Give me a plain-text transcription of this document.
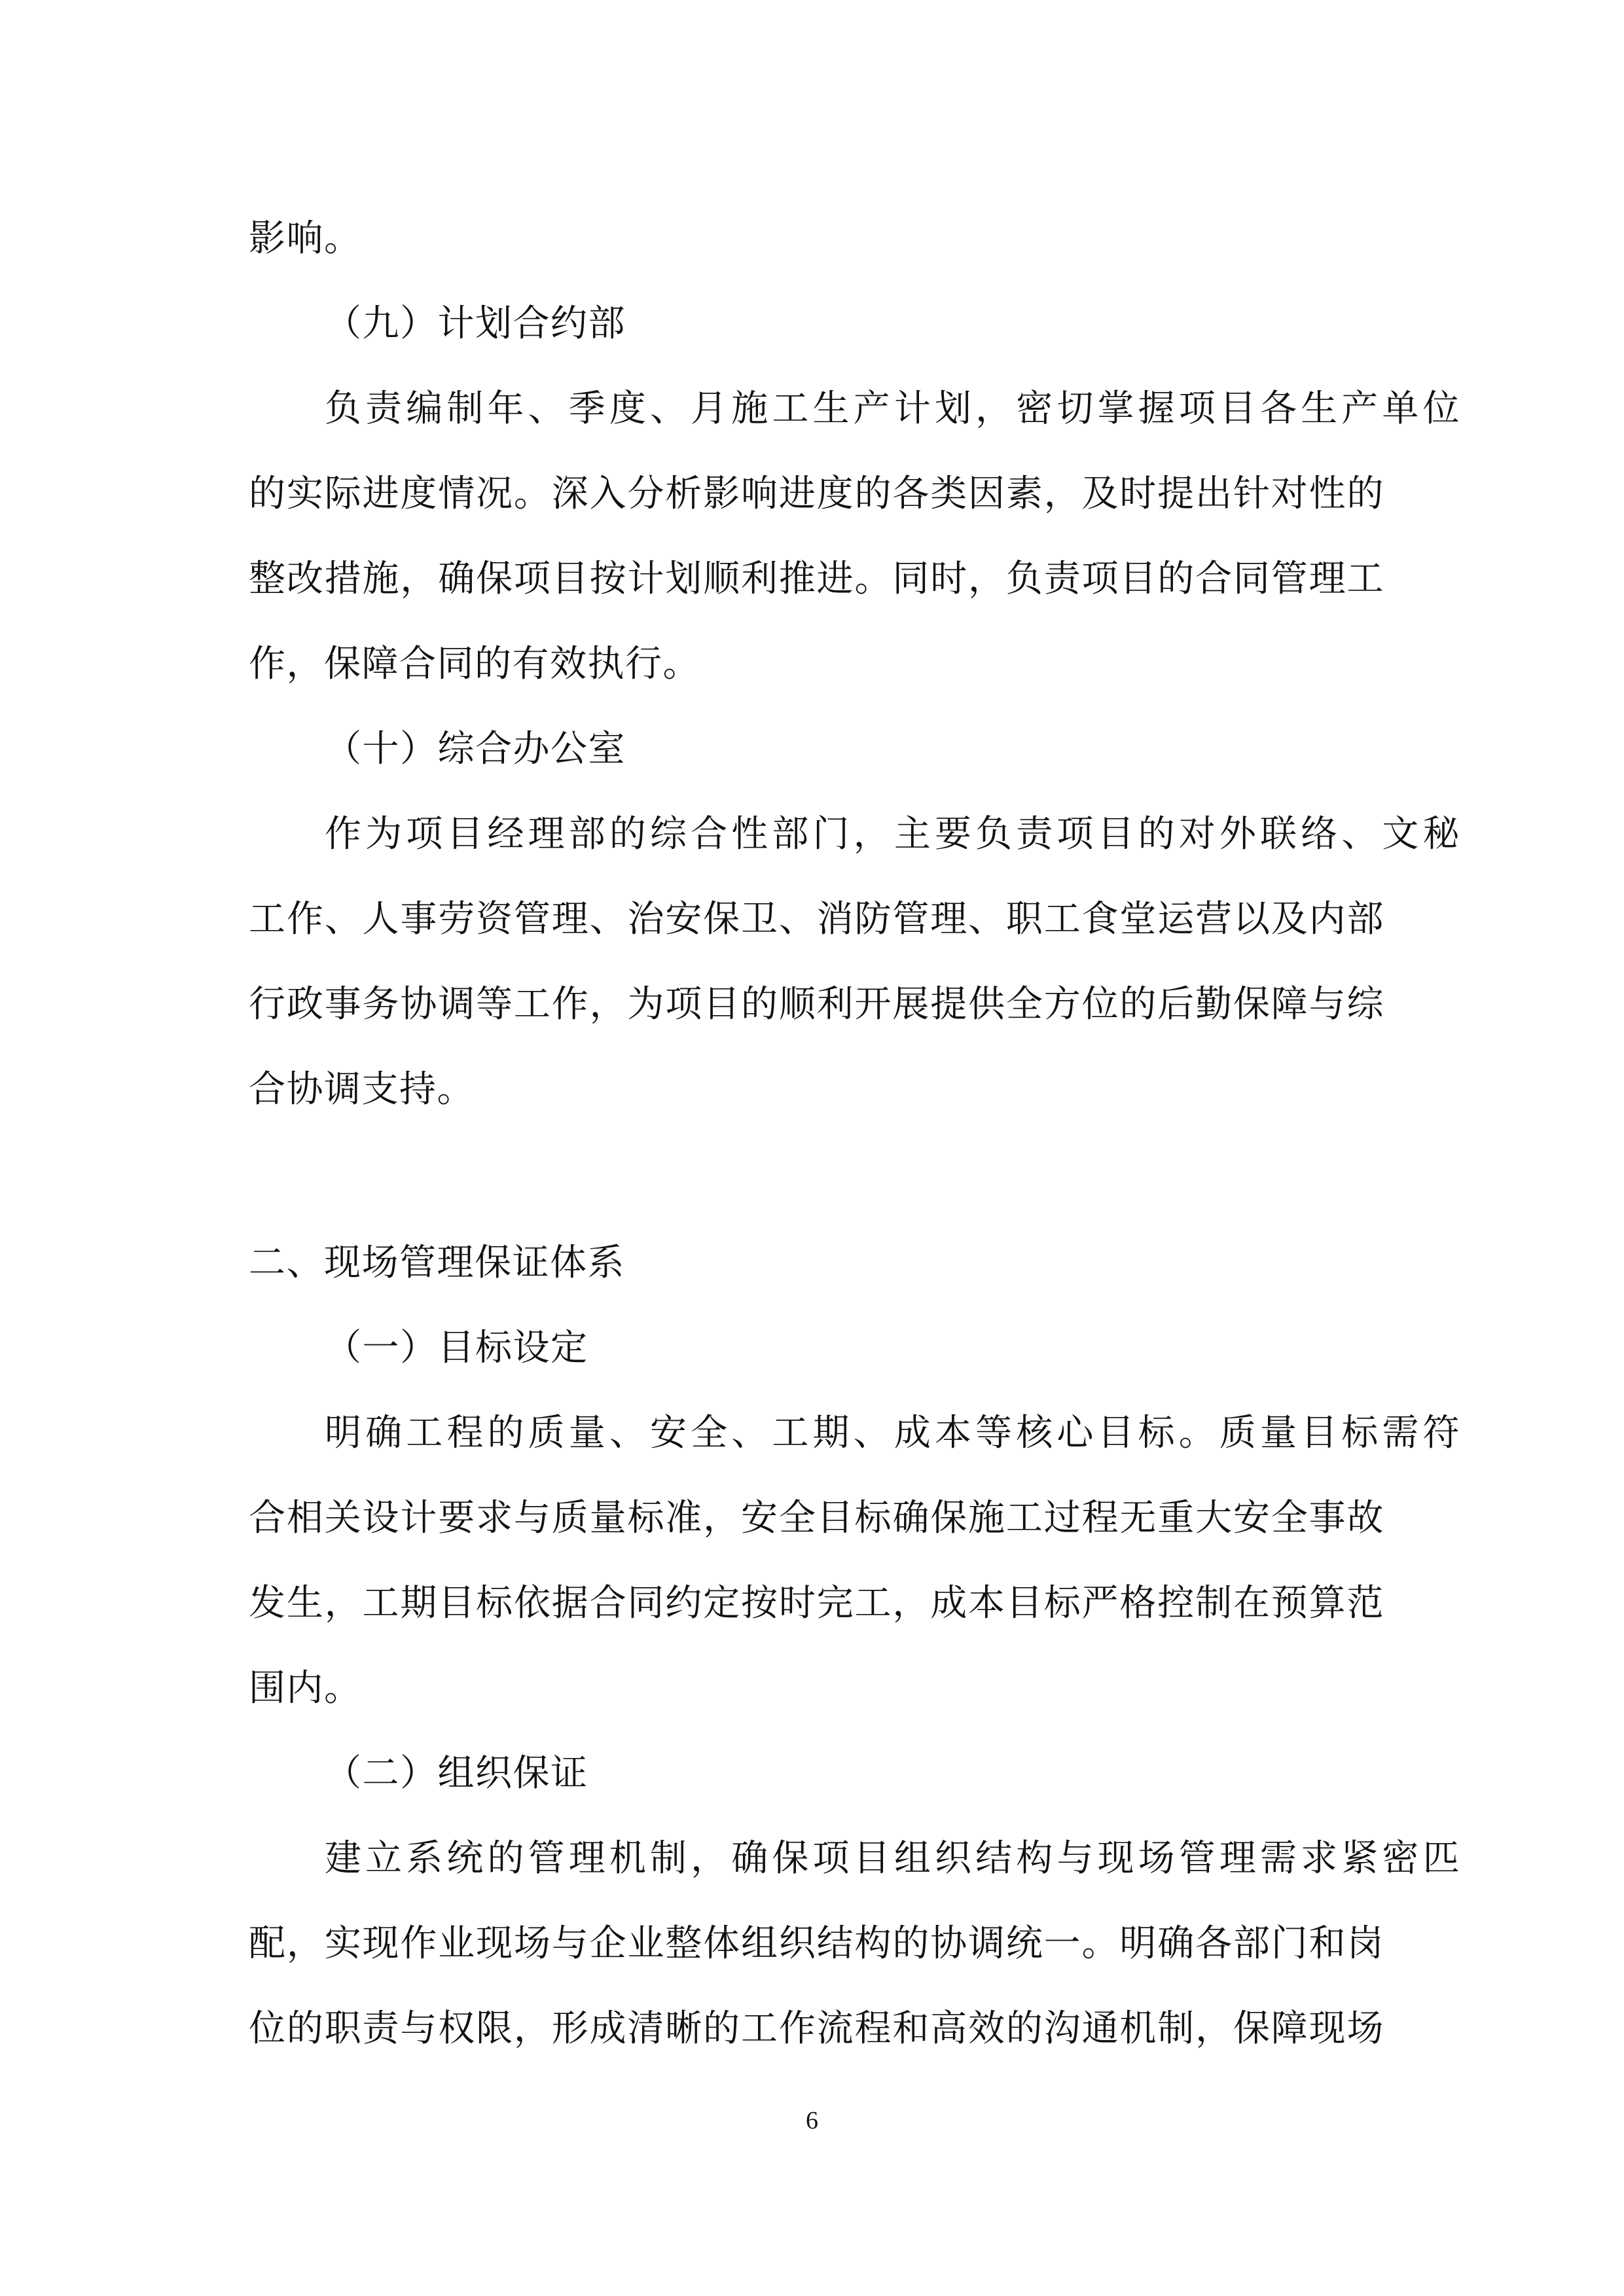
影响。
（九）计划合约部
负责编制年、季度、月施工生产计划，密切掌握项目各生产单位
的实际进度情况。深入分析影响进度的各类因素，及时提出针对性的
整改措施，确保项目按计划顺利推进。同时，负责项目的合同管理工
作，保障合同的有效执行。
（十）综合办公室
作为项目经理部的综合性部门，主要负责项目的对外联络、文秘
工作、人事劳资管理、治安保卫、消防管理、职工食堂运营以及内部
行政事务协调等工作，为项目的顺利开展提供全方位的后勤保障与综
合协调支持。
二、现场管理保证体系
（一）目标设定
明确工程的质量、安全、工期、成本等核心目标。质量目标需符
合相关设计要求与质量标准，安全目标确保施工过程无重大安全事故
发生，工期目标依据合同约定按时完工，成本目标严格控制在预算范
围内。
（二）组织保证
建立系统的管理机制，确保项目组织结构与现场管理需求紧密匹
配，实现作业现场与企业整体组织结构的协调统一。明确各部门和岗
位的职责与权限，形成清晰的工作流程和高效的沟通机制，保障现场
6
